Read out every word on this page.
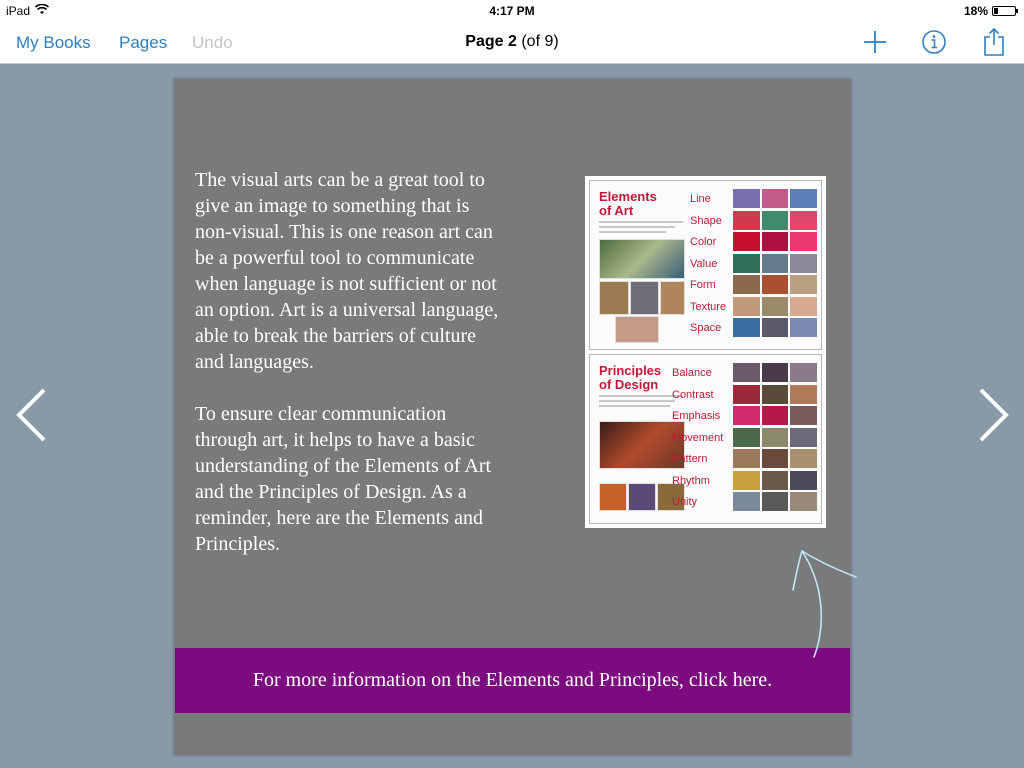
iPad	4:17 PM	18%
My Books Pages Undo	Page 2 (of 9)

The visual arts can be a great tool to give an image to something that is non-visual. This is one reason art can be a powerful tool to communicate when language is not sufficient or not an option. Art is a universal language, able to break the barriers of culture and languages.

To ensure clear communication through art, it helps to have a basic understanding of the Elements of Art and the Principles of Design. As a reminder, here are the Elements and Principles.

Elements
of Art
Line
Shape
Color
Value
Form
Texture
Space
Principles
of Design
Balance
Contrast
Emphasis
Movement
Pattern
Rhythm
Unity
For more information on the Elements and Principles, click here.
